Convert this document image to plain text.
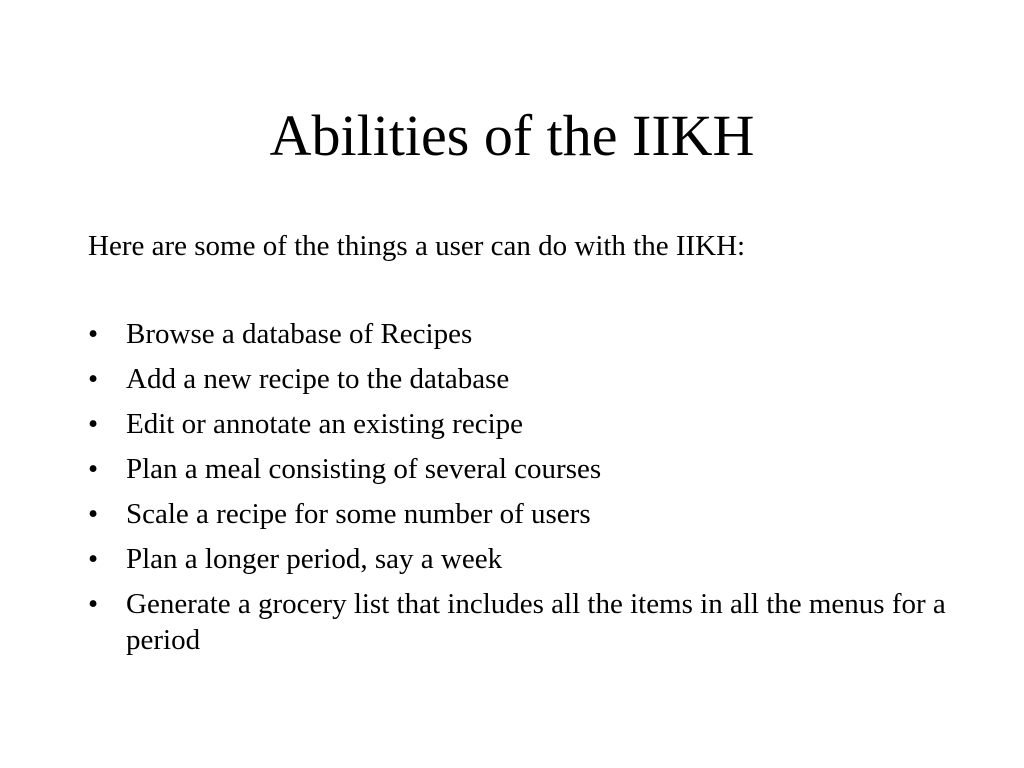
Abilities of the IIKH

Here are some of the things a user can do with the IIKH:

• Browse a database of Recipes
• Add a new recipe to the database
• Edit or annotate an existing recipe
• Plan a meal consisting of several courses
• Scale a recipe for some number of users
• Plan a longer period, say a week
• Generate a grocery list that includes all the items in all the menus for a period
